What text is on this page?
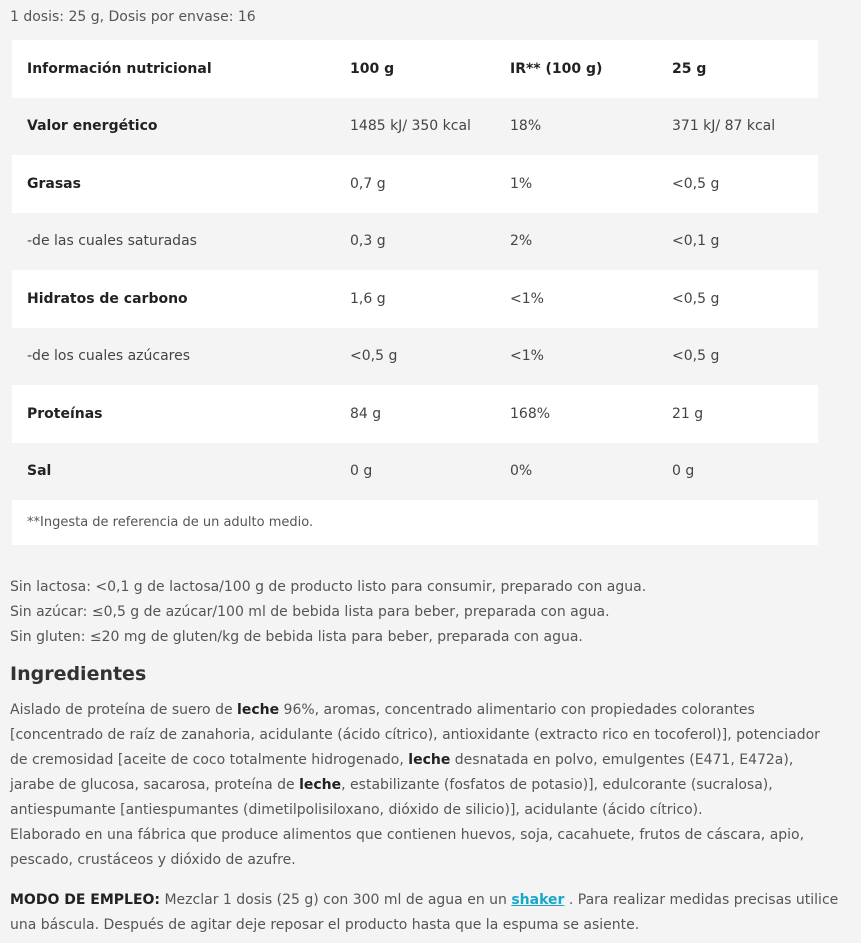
1 dosis: 25 g, Dosis por envase: 16
Información nutricional	100 g	IR** (100 g)	25 g
Valor energético	1485 kJ/ 350 kcal	18%	371 kJ/ 87 kcal
Grasas	0,7 g	1%	<0,5 g
-de las cuales saturadas	0,3 g	2%	<0,1 g
Hidratos de carbono	1,6 g	<1%	<0,5 g
-de los cuales azúcares	<0,5 g	<1%	<0,5 g
Proteínas	84 g	168%	21 g
Sal	0 g	0%	0 g
**Ingesta de referencia de un adulto medio.
Sin lactosa: <0,1 g de lactosa/100 g de producto listo para consumir, preparado con agua.
Sin azúcar: ≤0,5 g de azúcar/100 ml de bebida lista para beber, preparada con agua.
Sin gluten: ≤20 mg de gluten/kg de bebida lista para beber, preparada con agua.
Ingredientes
Aislado de proteína de suero de leche 96%, aromas, concentrado alimentario con propiedades colorantes [concentrado de raíz de zanahoria, acidulante (ácido cítrico), antioxidante (extracto rico en tocoferol)], potenciador de cremosidad [aceite de coco totalmente hidrogenado, leche desnatada en polvo, emulgentes (E471, E472a), jarabe de glucosa, sacarosa, proteína de leche, estabilizante (fosfatos de potasio)], edulcorante (sucralosa), antiespumante [antiespumantes (dimetilpolisiloxano, dióxido de silicio)], acidulante (ácido cítrico).
Elaborado en una fábrica que produce alimentos que contienen huevos, soja, cacahuete, frutos de cáscara, apio, pescado, crustáceos y dióxido de azufre.
MODO DE EMPLEO: Mezclar 1 dosis (25 g) con 300 ml de agua en un shaker . Para realizar medidas precisas utilice una báscula. Después de agitar deje reposar el producto hasta que la espuma se asiente.
